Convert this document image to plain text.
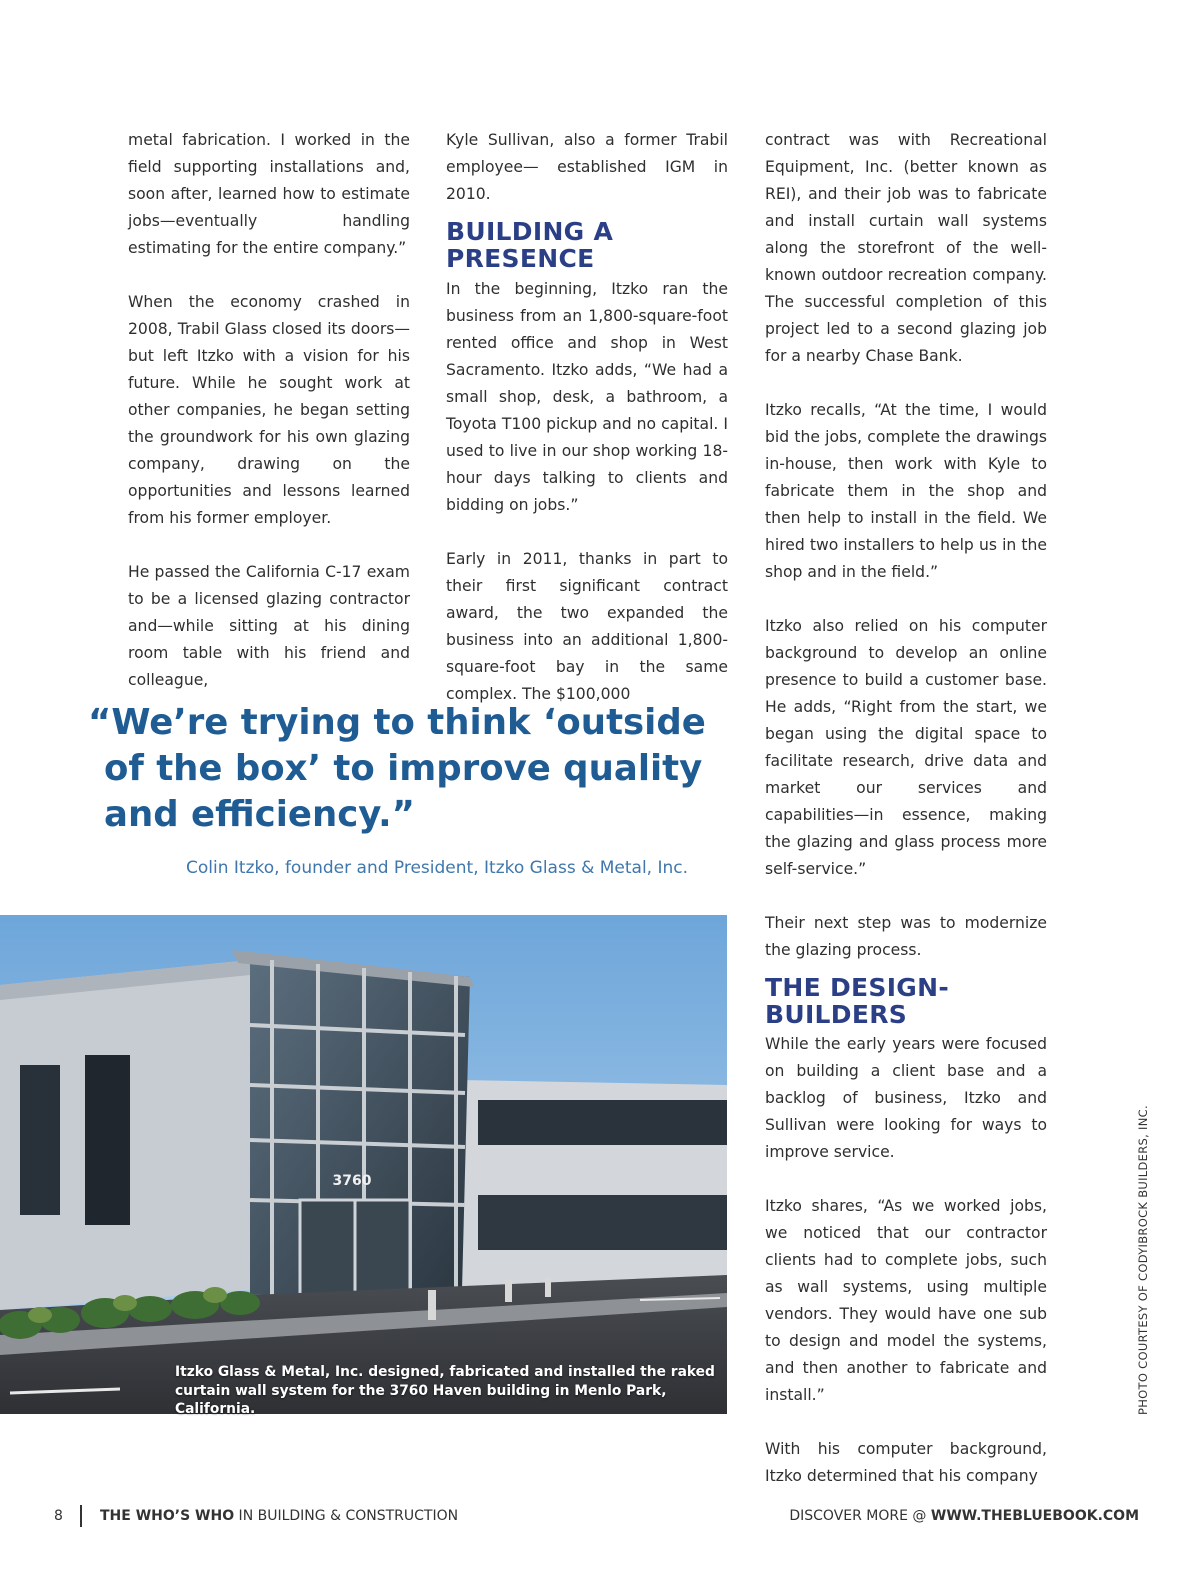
metal fabrication. I worked in the field supporting installations and, soon after, learned how to estimate jobs—eventually handling estimating for the entire company.”

When the economy crashed in 2008, Trabil Glass closed its doors—but left Itzko with a vision for his future. While he sought work at other companies, he began setting the groundwork for his own glazing company, drawing on the opportunities and lessons learned from his former employer.

He passed the California C-17 exam to be a licensed glazing contractor and—while sitting at his dining room table with his friend and colleague,

Kyle Sullivan, also a former Trabil employee— established IGM in 2010.

BUILDING A PRESENCE

In the beginning, Itzko ran the business from an 1,800-square-foot rented office and shop in West Sacramento. Itzko adds, “We had a small shop, desk, a bathroom, a Toyota T100 pickup and no capital. I used to live in our shop working 18-hour days talking to clients and bidding on jobs.”

Early in 2011, thanks in part to their first significant contract award, the two expanded the business into an additional 1,800-square-foot bay in the same complex. The $100,000

contract was with Recreational Equipment, Inc. (better known as REI), and their job was to fabricate and install curtain wall systems along the storefront of the well-known outdoor recreation company. The successful completion of this project led to a second glazing job for a nearby Chase Bank.

Itzko recalls, “At the time, I would bid the jobs, complete the drawings in-house, then work with Kyle to fabricate them in the shop and then help to install in the field. We hired two installers to help us in the shop and in the field.”

Itzko also relied on his computer background to develop an online presence to build a customer base. He adds, “Right from the start, we began using the digital space to facilitate research, drive data and market our services and capabilities—in essence, making the glazing and glass process more self-service.”

Their next step was to modernize the glazing process.

THE DESIGN-BUILDERS

While the early years were focused on building a client base and a backlog of business, Itzko and Sullivan were looking for ways to improve service.

Itzko shares, “As we worked jobs, we noticed that our contractor clients had to complete jobs, such as wall systems, using multiple vendors. They would have one sub to design and model the systems, and then another to fabricate and install.”

With his computer background, Itzko determined that his company

“We’re trying to think ‘outside
of the box’ to improve quality
and efficiency.”
Colin Itzko, founder and President, Itzko Glass & Metal, Inc.
3760
Itzko Glass & Metal, Inc. designed, fabricated and installed the raked curtain wall system for the 3760 Haven building in Menlo Park, California.	PHOTO COURTESY OF CODYIBROCK BUILDERS, INC.
8	THE WHO’S WHO IN BUILDING & CONSTRUCTION	DISCOVER MORE @ WWW.THEBLUEBOOK.COM
